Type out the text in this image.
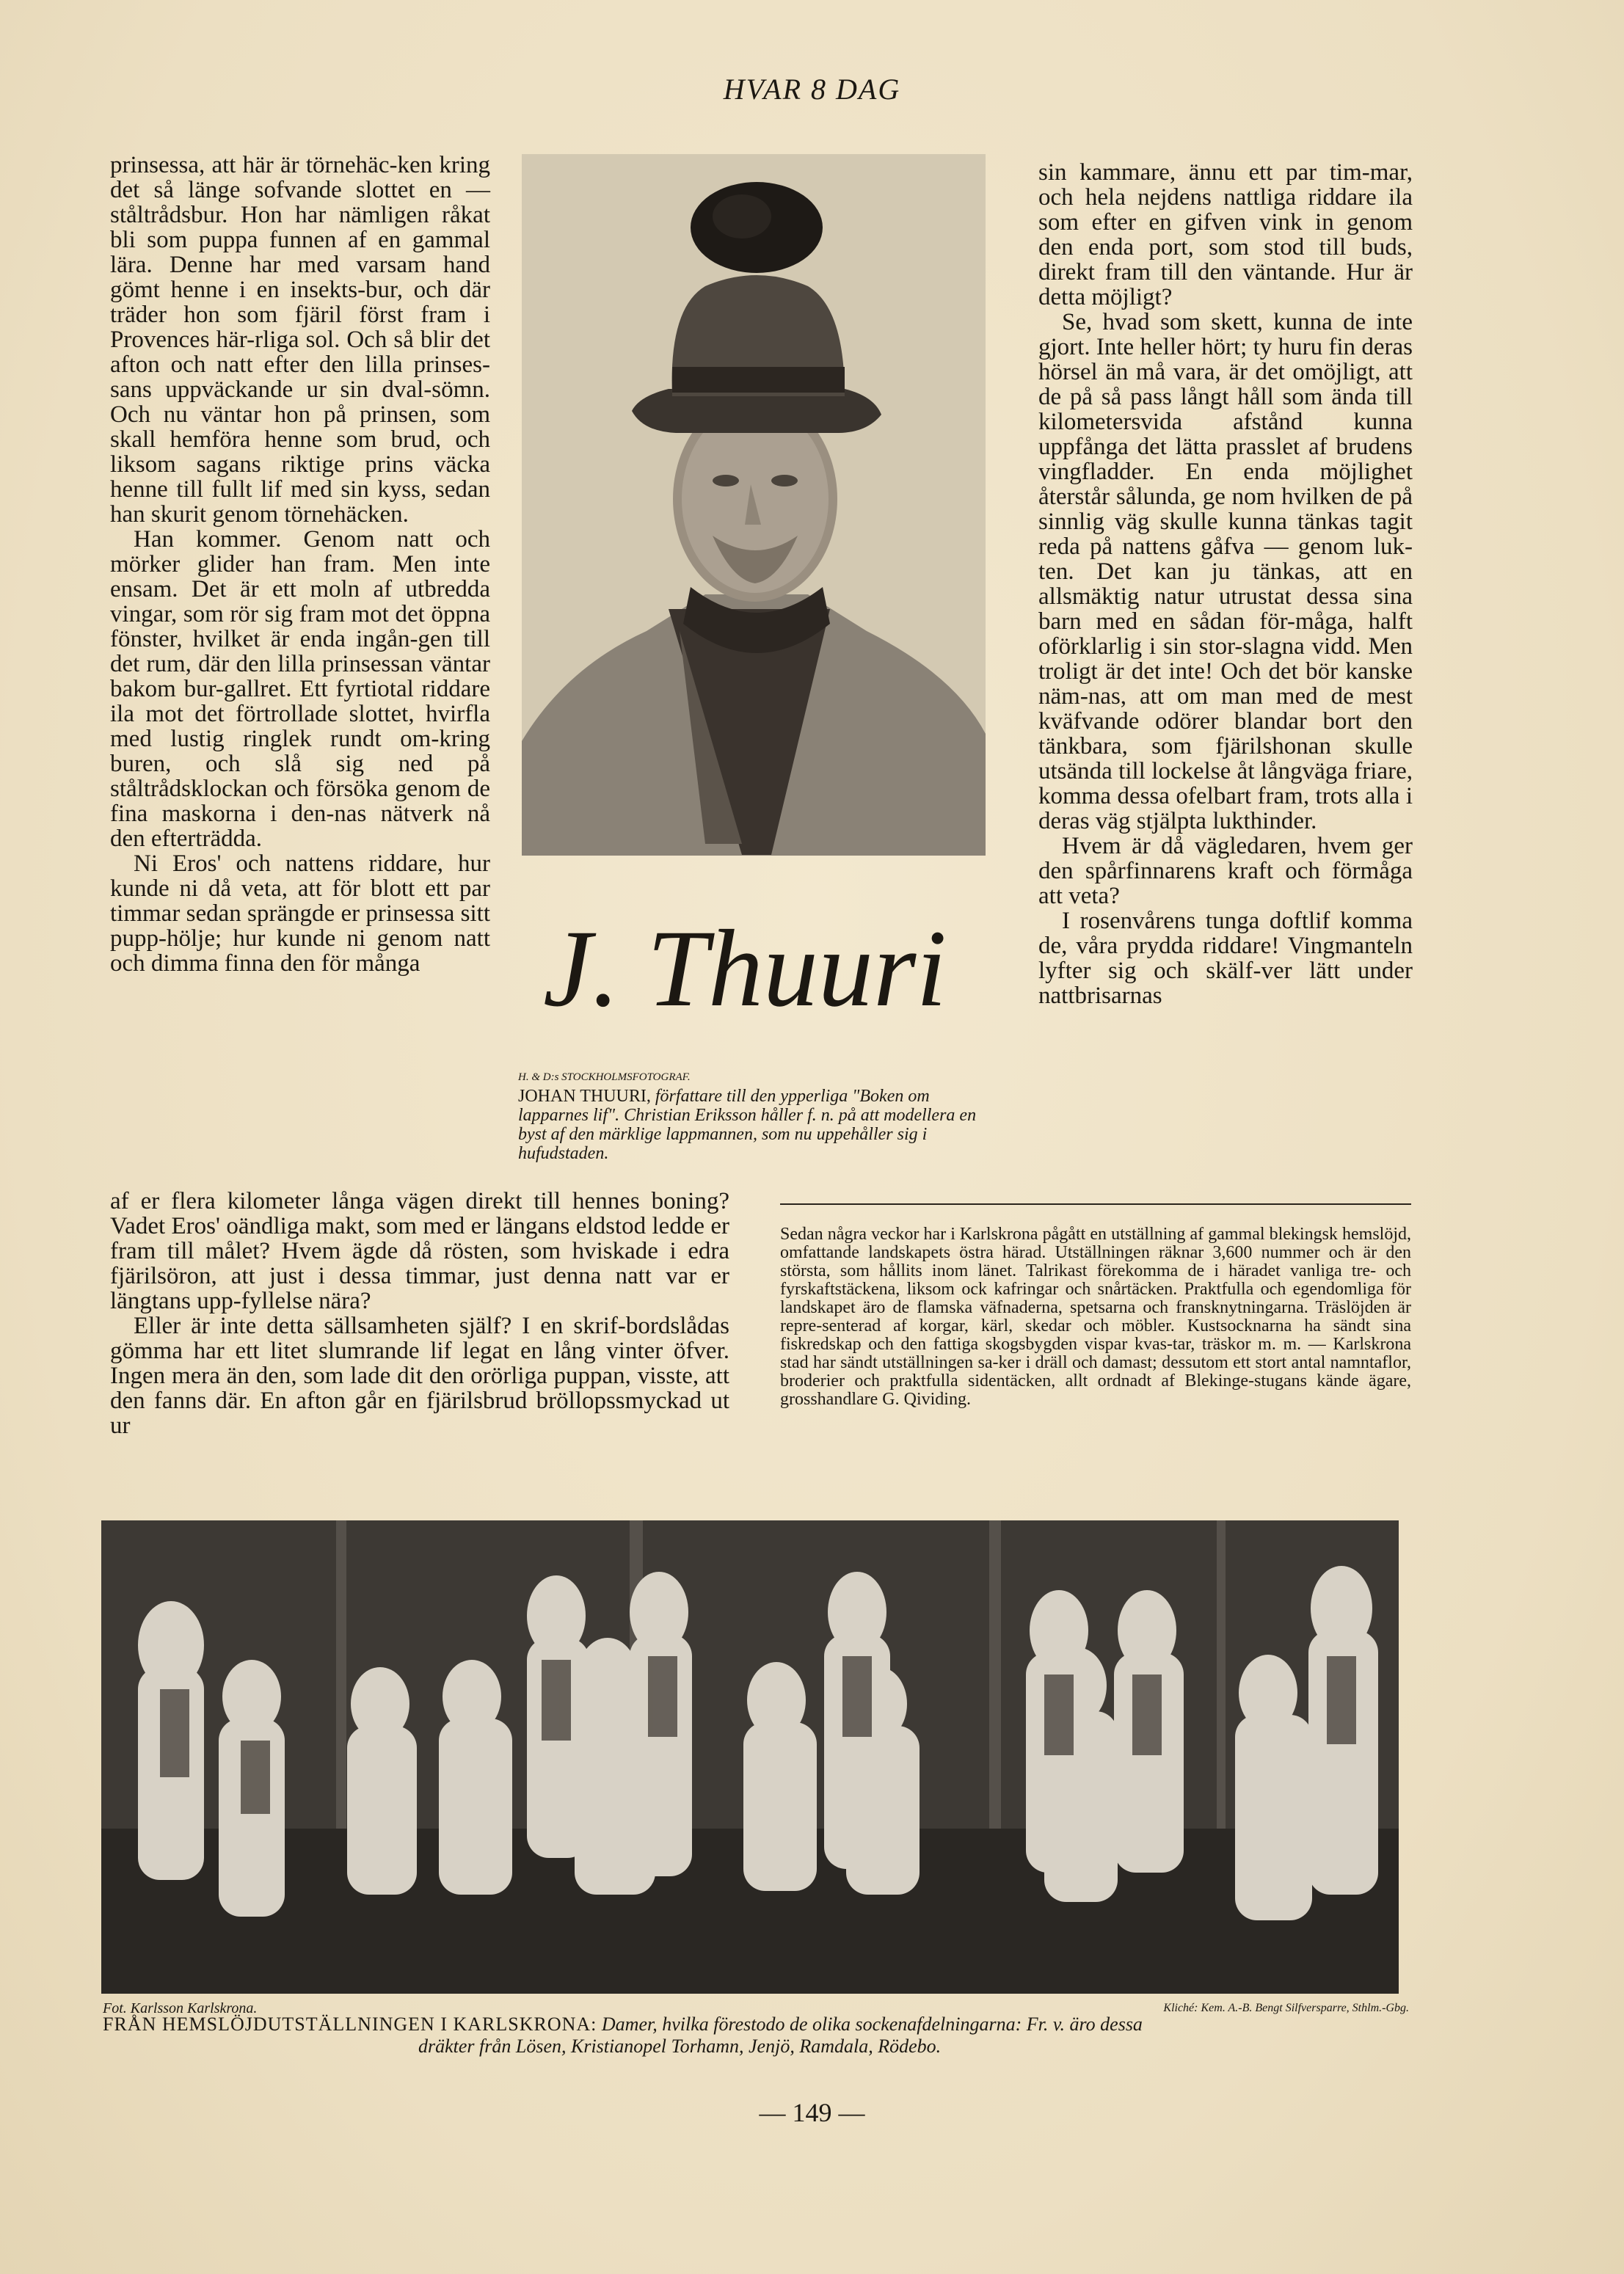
HVAR 8 DAG

prinsessa, att här är törnehäc-ken kring det så länge sofvande slottet en — ståltrådsbur. Hon har nämligen råkat bli som puppa funnen af en gammal lära. Denne har med varsam hand gömt henne i en insekts-bur, och där träder hon som fjäril först fram i Provences här-rliga sol. Och så blir det afton och natt efter den lilla prinses-sans uppväckande ur sin dval-sömn. Och nu väntar hon på prinsen, som skall hemföra henne som brud, och liksom sagans riktige prins väcka henne till fullt lif med sin kyss, sedan han skurit genom törnehäcken.

Han kommer. Genom natt och mörker glider han fram. Men inte ensam. Det är ett moln af utbredda vingar, som rör sig fram mot det öppna fönster, hvilket är enda ingån-gen till det rum, där den lilla prinsessan väntar bakom bur-gallret. Ett fyrtiotal riddare ila mot det förtrollade slottet, hvirfla med lustig ringlek rundt om-kring buren, och slå sig ned på ståltrådsklockan och försöka genom de fina maskorna i den-nas nätverk nå den efterträdda.

Ni Eros' och nattens riddare, hur kunde ni då veta, att för blott ett par timmar sedan sprängde er prinsessa sitt pupp-hölje; hur kunde ni genom natt och dimma finna den för många	J. Thuuri
H. & D:s STOCKHOLMSFOTOGRAF.
JOHAN THUURI, författare till den ypperliga "Boken om lapparnes lif". Christian Eriksson håller f. n. på att modellera en byst af den märklige lappmannen, som nu uppehåller sig i hufudstaden.

sin kammare, ännu ett par tim-mar, och hela nejdens nattliga riddare ila som efter en gifven vink in genom den enda port, som stod till buds, direkt fram till den väntande. Hur är detta möjligt?

Se, hvad som skett, kunna de inte gjort. Inte heller hört; ty huru fin deras hörsel än må vara, är det omöjligt, att de på så pass långt håll som ända till kilometersvida afstånd kunna uppfånga det lätta prasslet af brudens vingfladder. En enda möjlighet återstår sålunda, ge nom hvilken de på sinnlig väg skulle kunna tänkas tagit reda på nattens gåfva — genom luk-ten. Det kan ju tänkas, att en allsmäktig natur utrustat dessa sina barn med en sådan för-måga, halft oförklarlig i sin stor-slagna vidd. Men troligt är det inte! Och det bör kanske näm-nas, att om man med de mest kväfvande odörer blandar bort den tänkbara, som fjärilshonan skulle utsända till lockelse åt långväga friare, komma dessa ofelbart fram, trots alla i deras väg stjälpta lukthinder.

Hvem är då vägledaren, hvem ger den spårfinnarens kraft och förmåga att veta?

I rosenvårens tunga doftlif komma de, våra prydda riddare! Vingmanteln lyfter sig och skälf-ver lätt under nattbrisarnas

af er flera kilometer långa vägen direkt till hennes boning? Vadet Eros' oändliga makt, som med er längans eldstod ledde er fram till målet? Hvem ägde då rösten, som hviskade i edra fjärilsöron, att just i dessa timmar, just denna natt var er längtans upp-fyllelse nära?

Eller är inte detta sällsamheten själf? I en skrif-bordslådas gömma har ett litet slumrande lif legat en lång vinter öfver. Ingen mera än den, som lade dit den orörliga puppan, visste, att den fanns där. En afton går en fjärilsbrud bröllopssmyckad ut ur

Sedan några veckor har i Karlskrona pågått en utställning af gammal blekingsk hemslöjd, omfattande landskapets östra härad. Utställningen räknar 3,600 nummer och är den största, som hållits inom länet. Talrikast förekomma de i häradet vanliga tre- och fyrskaftstäckena, liksom ock kafringar och snårtäcken. Praktfulla och egendomliga för landskapet äro de flamska väfnaderna, spetsarna och fransknytningarna. Träslöjden är repre-senterad af korgar, kärl, skedar och möbler. Kustsocknarna ha sändt sina fiskredskap och den fattiga skogsbygden vispar kvas-tar, träskor m. m. — Karlskrona stad har sändt utställningen sa-ker i dräll och damast; dessutom ett stort antal namntaflor, broderier och praktfulla sidentäcken, allt ordnadt af Blekinge-stugans kände ägare, grosshandlare G. Qividing.
Fot. Karlsson Karlskrona.	Kliché: Kem. A.-B. Bengt Silfversparre, Sthlm.-Gbg.
FRÅN HEMSLÖJDUTSTÄLLNINGEN I KARLSKRONA: Damer, hvilka förestodo de olika sockenafdelningarna: Fr. v. äro dessa
dräkter från Lösen, Kristianopel Torhamn, Jenjö, Ramdala, Rödebo.
— 149 —
